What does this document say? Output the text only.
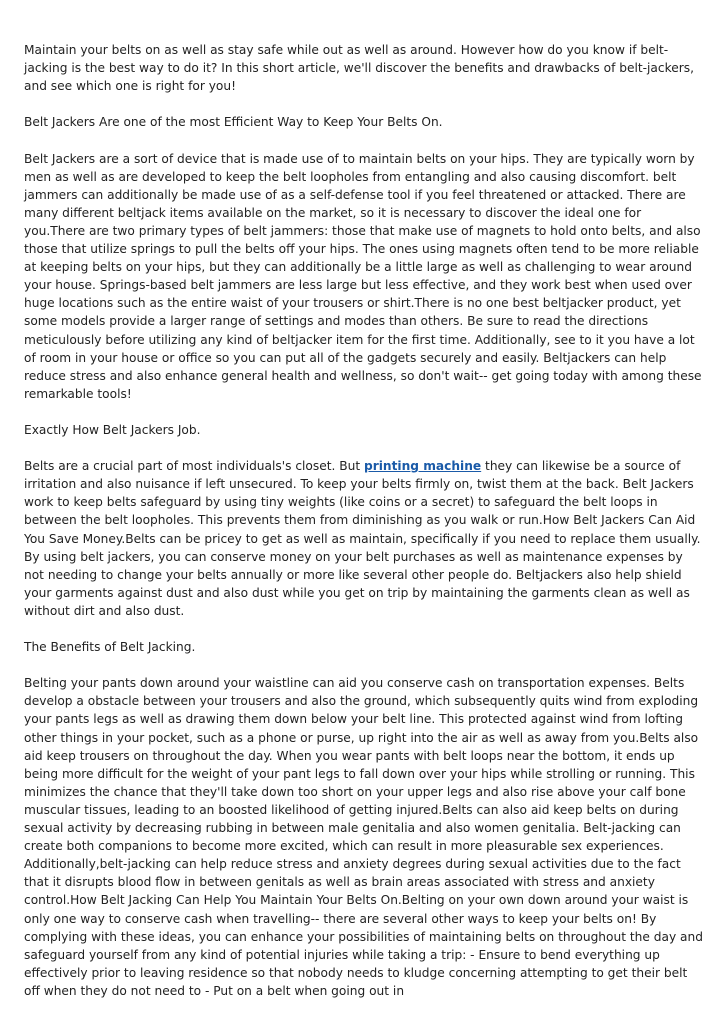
Maintain your belts on as well as stay safe while out as well as around. However how do you know if belt-jacking is the best way to do it? In this short article, we'll discover the benefits and drawbacks of belt-jackers, and see which one is right for you!

Belt Jackers Are one of the most Efficient Way to Keep Your Belts On.

Belt Jackers are a sort of device that is made use of to maintain belts on your hips. They are typically worn by men as well as are developed to keep the belt loopholes from entangling and also causing discomfort. belt jammers can additionally be made use of as a self-defense tool if you feel threatened or attacked. There are many different beltjack items available on the market, so it is necessary to discover the ideal one for you.There are two primary types of belt jammers: those that make use of magnets to hold onto belts, and also those that utilize springs to pull the belts off your hips. The ones using magnets often tend to be more reliable at keeping belts on your hips, but they can additionally be a little large as well as challenging to wear around your house. Springs-based belt jammers are less large but less effective, and they work best when used over huge locations such as the entire waist of your trousers or shirt.There is no one best beltjacker product, yet some models provide a larger range of settings and modes than others. Be sure to read the directions meticulously before utilizing any kind of beltjacker item for the first time. Additionally, see to it you have a lot of room in your house or office so you can put all of the gadgets securely and easily. Beltjackers can help reduce stress and also enhance general health and wellness, so don't wait-- get going today with among these remarkable tools!

Exactly How Belt Jackers Job.

Belts are a crucial part of most individuals's closet. But printing machine they can likewise be a source of irritation and also nuisance if left unsecured. To keep your belts firmly on, twist them at the back. Belt Jackers work to keep belts safeguard by using tiny weights (like coins or a secret) to safeguard the belt loops in between the belt loopholes. This prevents them from diminishing as you walk or run.How Belt Jackers Can Aid You Save Money.Belts can be pricey to get as well as maintain, specifically if you need to replace them usually. By using belt jackers, you can conserve money on your belt purchases as well as maintenance expenses by not needing to change your belts annually or more like several other people do. Beltjackers also help shield your garments against dust and also dust while you get on trip by maintaining the garments clean as well as without dirt and also dust.

The Benefits of Belt Jacking.

Belting your pants down around your waistline can aid you conserve cash on transportation expenses. Belts develop a obstacle between your trousers and also the ground, which subsequently quits wind from exploding your pants legs as well as drawing them down below your belt line. This protected against wind from lofting other things in your pocket, such as a phone or purse, up right into the air as well as away from you.Belts also aid keep trousers on throughout the day. When you wear pants with belt loops near the bottom, it ends up being more difficult for the weight of your pant legs to fall down over your hips while strolling or running. This minimizes the chance that they'll take down too short on your upper legs and also rise above your calf bone muscular tissues, leading to an boosted likelihood of getting injured.Belts can also aid keep belts on during sexual activity by decreasing rubbing in between male genitalia and also women genitalia. Belt-jacking can create both companions to become more excited, which can result in more pleasurable sex experiences. Additionally,belt-jacking can help reduce stress and anxiety degrees during sexual activities due to the fact that it disrupts blood flow in between genitals as well as brain areas associated with stress and anxiety control.How Belt Jacking Can Help You Maintain Your Belts On.Belting on your own down around your waist is only one way to conserve cash when travelling-- there are several other ways to keep your belts on! By complying with these ideas, you can enhance your possibilities of maintaining belts on throughout the day and safeguard yourself from any kind of potential injuries while taking a trip: - Ensure to bend everything up effectively prior to leaving residence so that nobody needs to kludge concerning attempting to get their belt off when they do not need to - Put on a belt when going out in
